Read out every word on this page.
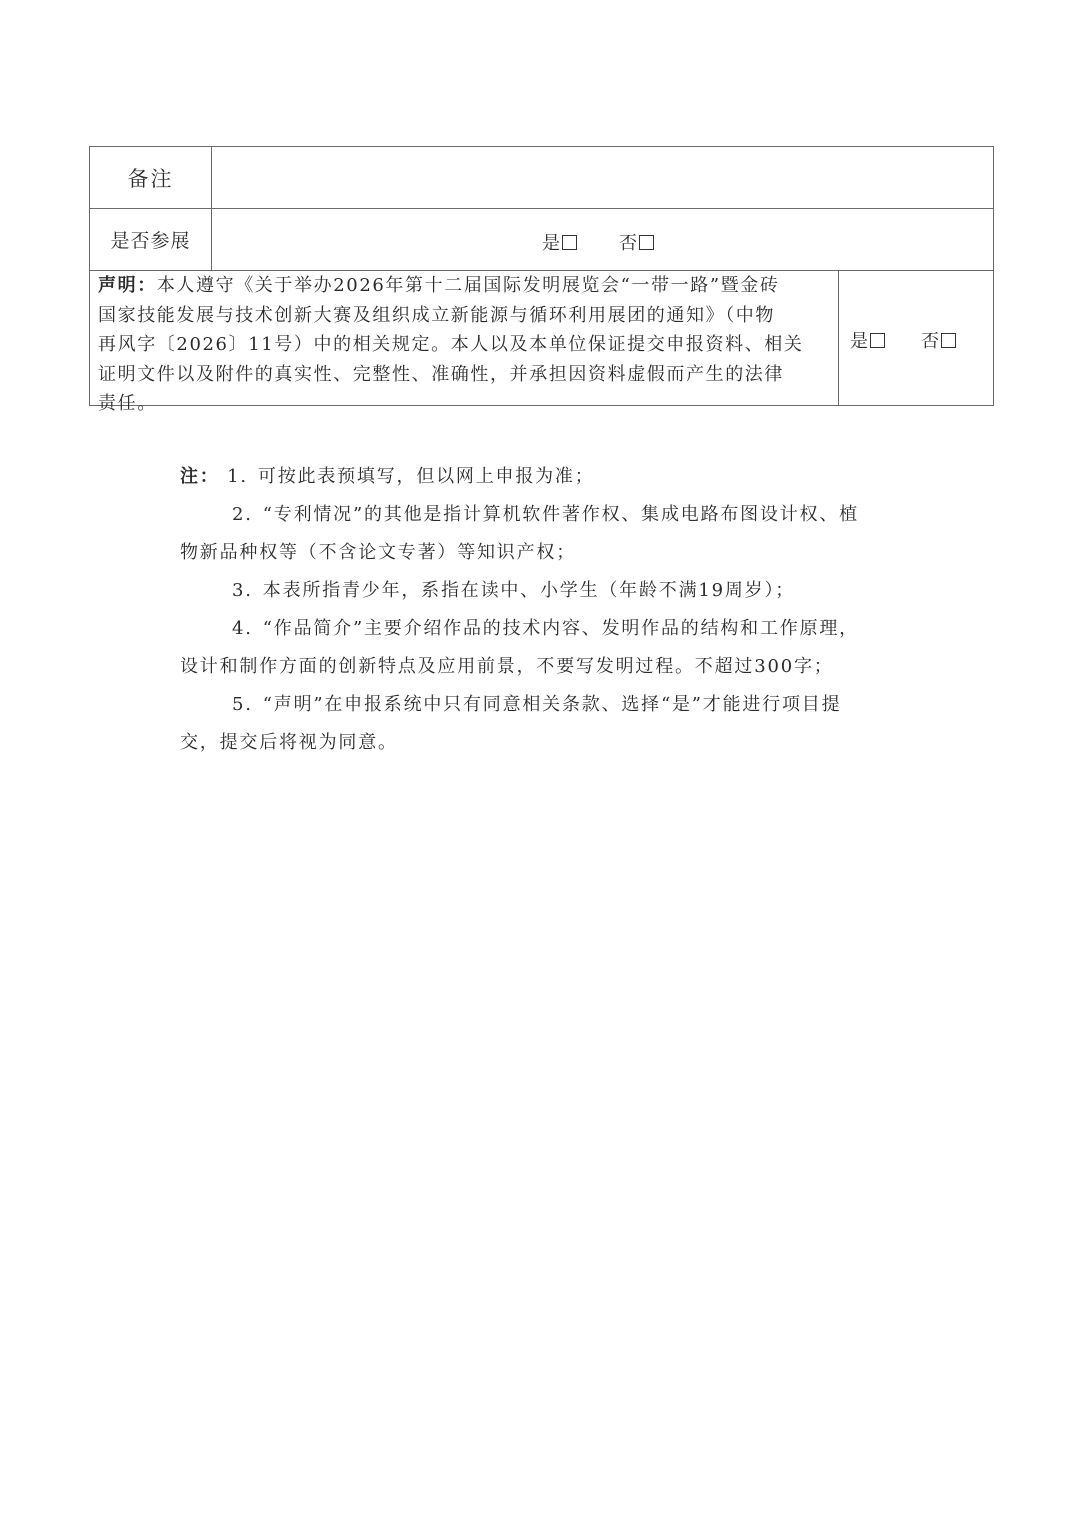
备注
是否参展	是	否
声明：本人遵守《关于举办2026年第十二届国际发明展览会“一带一路”暨金砖
国家技能发展与技术创新大赛及组织成立新能源与循环利用展团的通知》（中物
再风字〔2026〕11号）中的相关规定。本人以及本单位保证提交申报资料、相关
证明文件以及附件的真实性、完整性、准确性，并承担因资料虚假而产生的法律
责任。
是	否
注： 1. 可按此表预填写，但以网上申报为准；
2. “专利情况”的其他是指计算机软件著作权、集成电路布图设计权、植
物新品种权等（不含论文专著）等知识产权；
3. 本表所指青少年，系指在读中、小学生（年龄不满19周岁）；
4. “作品简介”主要介绍作品的技术内容、发明作品的结构和工作原理，
设计和制作方面的创新特点及应用前景，不要写发明过程。不超过300字；
5. “声明”在申报系统中只有同意相关条款、选择“是”才能进行项目提
交，提交后将视为同意。
